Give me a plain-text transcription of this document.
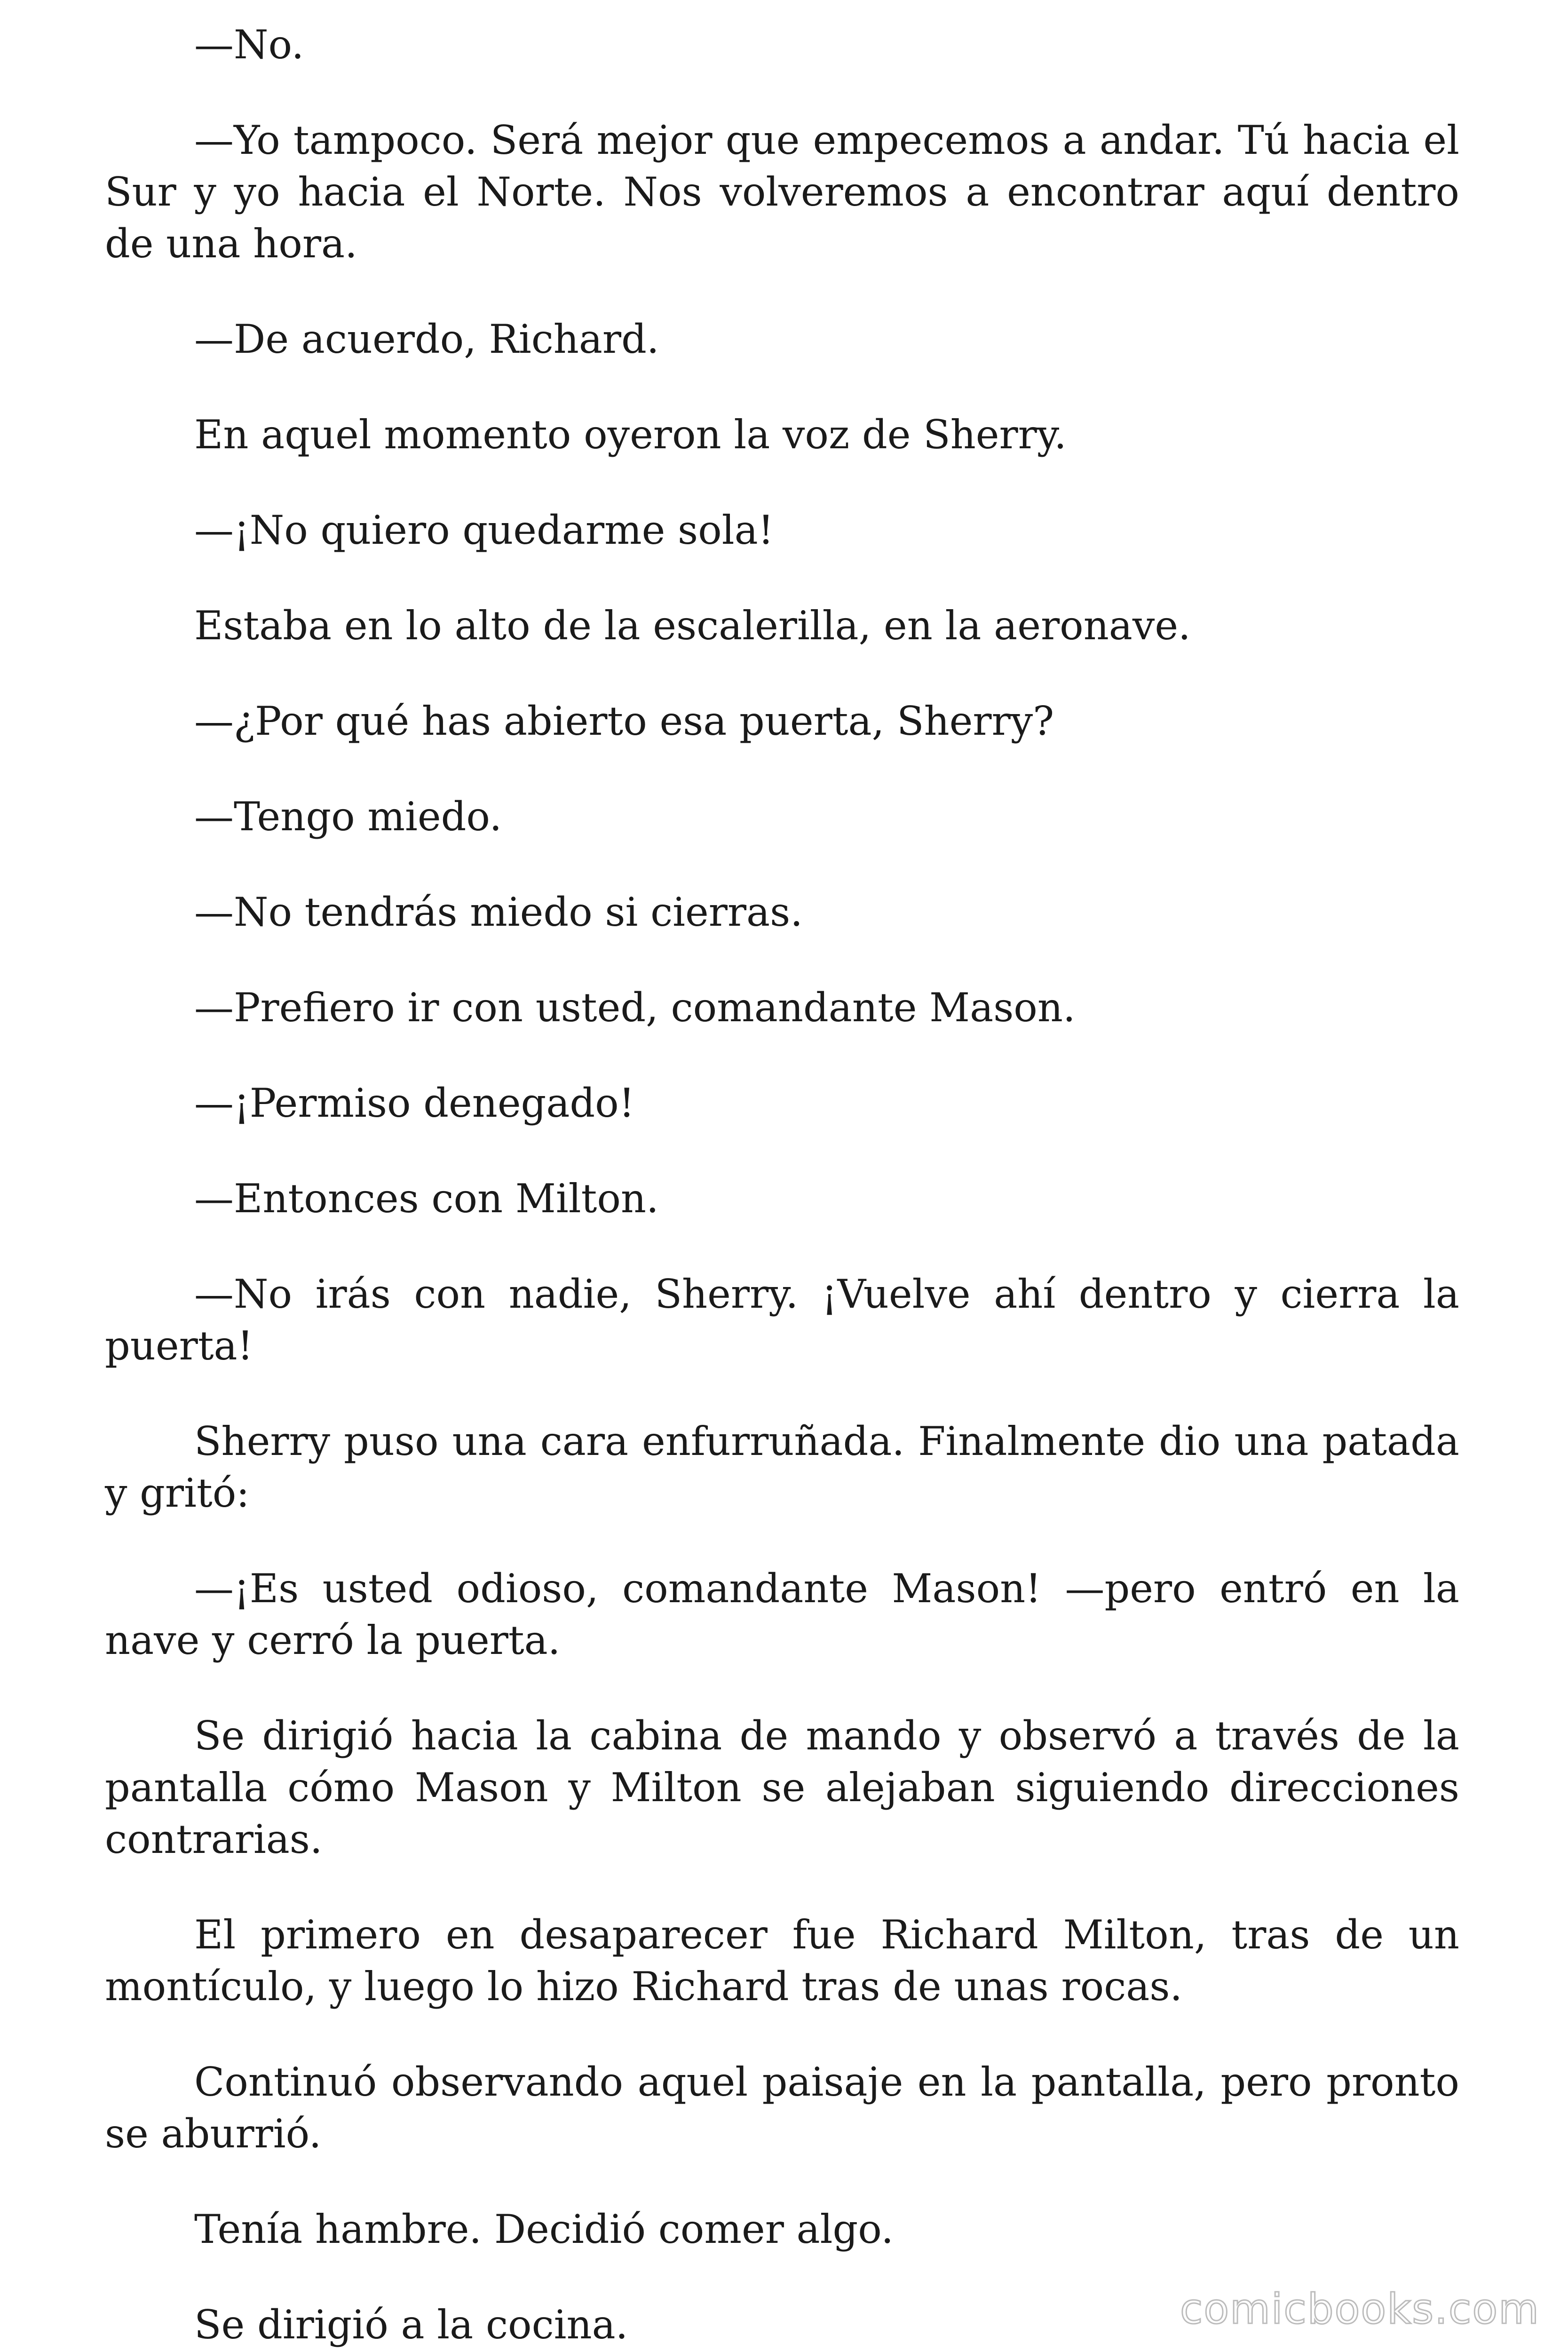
—No.

—Yo tampoco. Será mejor que empecemos a andar. Tú hacia el Sur y yo hacia el Norte. Nos volveremos a encontrar aquí dentro de una hora.

—De acuerdo, Richard.

En aquel momento oyeron la voz de Sherry.

—¡No quiero quedarme sola!

Estaba en lo alto de la escalerilla, en la aeronave.

—¿Por qué has abierto esa puerta, Sherry?

—Tengo miedo.

—No tendrás miedo si cierras.

—Prefiero ir con usted, comandante Mason.

—¡Permiso denegado!

—Entonces con Milton.

—No irás con nadie, Sherry. ¡Vuelve ahí dentro y cierra la puerta!

Sherry puso una cara enfurruñada. Finalmente dio una patada y gritó:

—¡Es usted odioso, comandante Mason! —pero entró en la nave y cerró la puerta.

Se dirigió hacia la cabina de mando y observó a través de la pantalla cómo Mason y Milton se alejaban siguiendo direcciones contrarias.

El primero en desaparecer fue Richard Milton, tras de un montículo, y luego lo hizo Richard tras de unas rocas.

Continuó observando aquel paisaje en la pantalla, pero pronto se aburrió.

Tenía hambre. Decidió comer algo.

Se dirigió a la cocina.	comicbooks.com
